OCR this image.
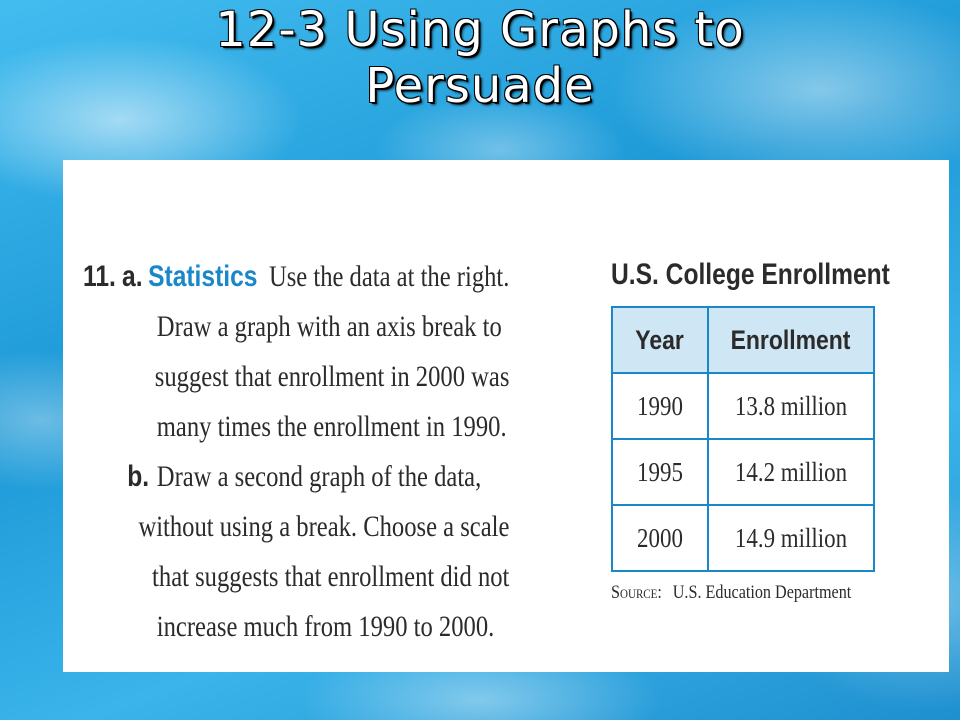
12-3 Using Graphs to
Persuade
11. a. Statistics Use the data at the right.
Draw a graph with an axis break to
suggest that enrollment in 2000 was
many times the enrollment in 1990.
b. Draw a second graph of the data,
without using a break. Choose a scale
that suggests that enrollment did not
increase much from 1990 to 2000.
U.S. College Enrollment
Year	Enrollment
1990	13.8 million
1995	14.2 million
2000	14.9 million
Source: U.S. Education Department
